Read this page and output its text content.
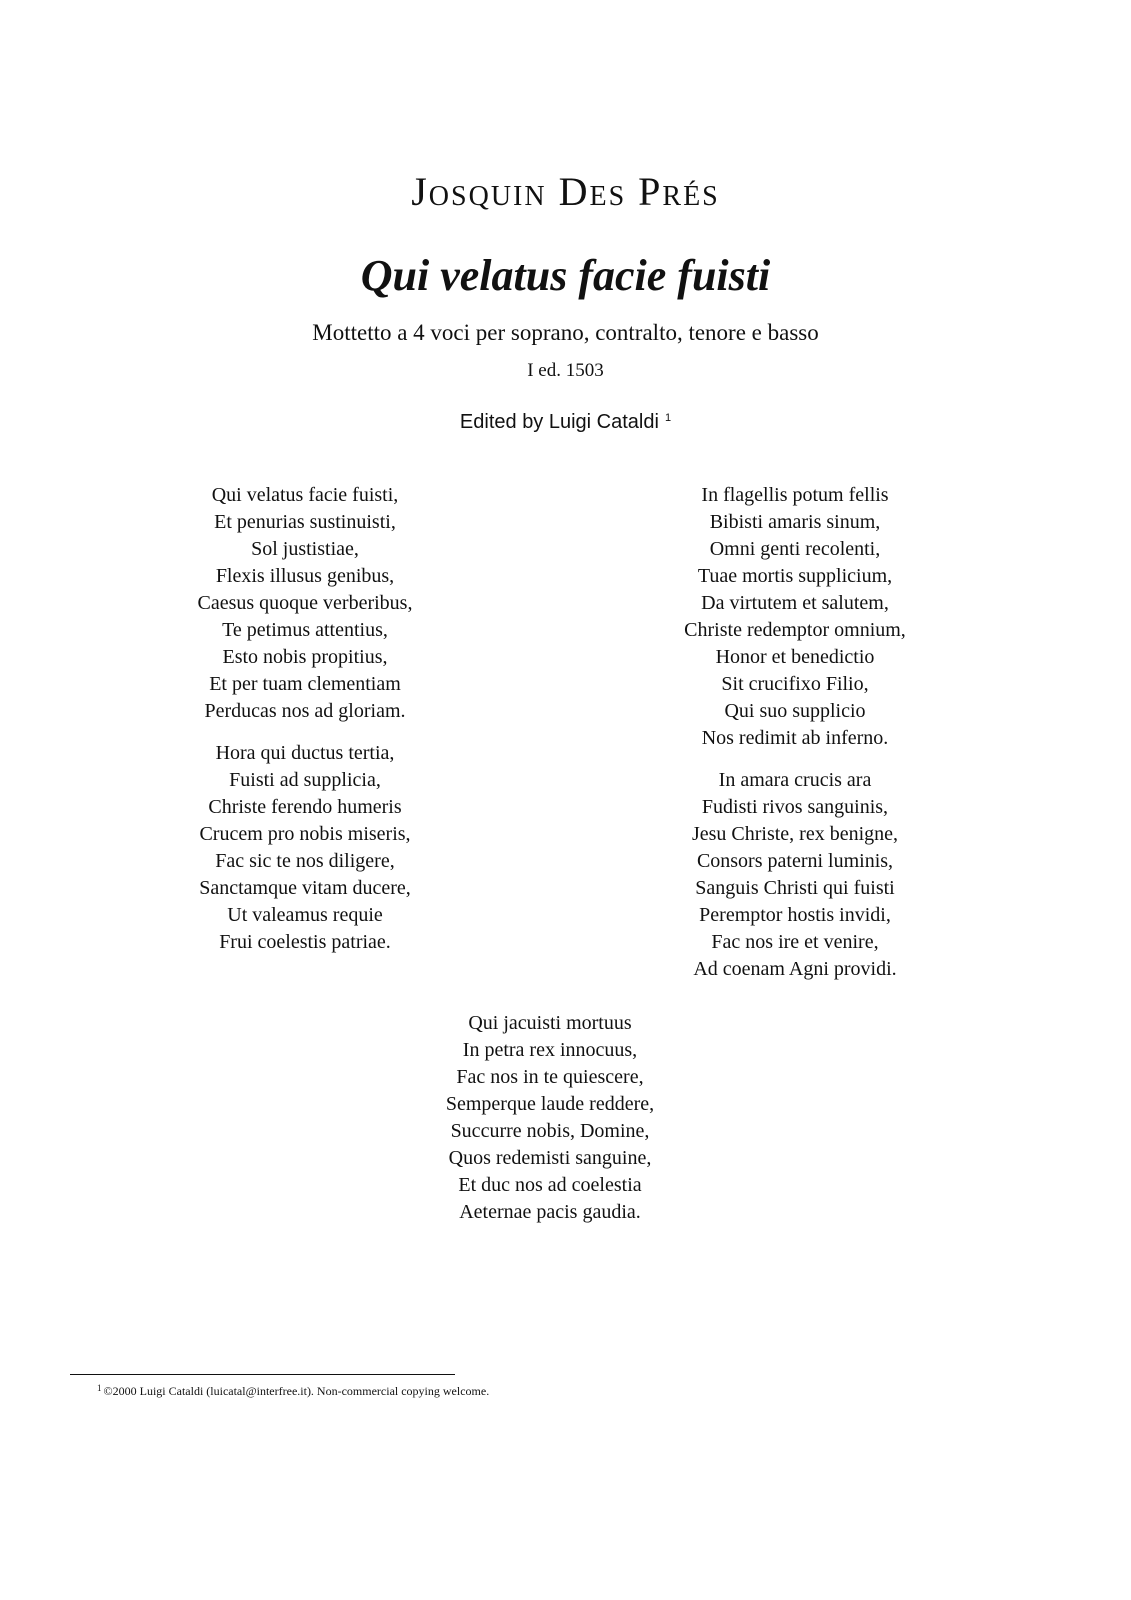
Josquin Des Prés
Qui velatus facie fuisti
Mottetto a 4 voci per soprano, contralto, tenore e basso
I ed. 1503
Edited by Luigi Cataldi $^1$
Qui velatus facie fuisti,
Et penurias sustinuisti,
Sol justistiae,
Flexis illusus genibus,
Caesus quoque verberibus,
Te petimus attentius,
Esto nobis propitius,
Et per tuam clementiam
Perducas nos ad gloriam.
Hora qui ductus tertia,
Fuisti ad supplicia,
Christe ferendo humeris
Crucem pro nobis miseris,
Fac sic te nos diligere,
Sanctamque vitam ducere,
Ut valeamus requie
Frui coelestis patriae.
In flagellis potum fellis
Bibisti amaris sinum,
Omni genti recolenti,
Tuae mortis supplicium,
Da virtutem et salutem,
Christe redemptor omnium,
Honor et benedictio
Sit crucifixo Filio,
Qui suo supplicio
Nos redimit ab inferno.
In amara crucis ara
Fudisti rivos sanguinis,
Jesu Christe, rex benigne,
Consors paterni luminis,
Sanguis Christi qui fuisti
Peremptor hostis invidi,
Fac nos ire et venire,
Ad coenam Agni providi.
Qui jacuisti mortuus
In petra rex innocuus,
Fac nos in te quiescere,
Semperque laude reddere,
Succurre nobis, Domine,
Quos redemisti sanguine,
Et duc nos ad coelestia
Aeternae pacis gaudia.
$^1$ ©2000 Luigi Cataldi (luicatal@interfree.it). Non-commercial copying welcome.
